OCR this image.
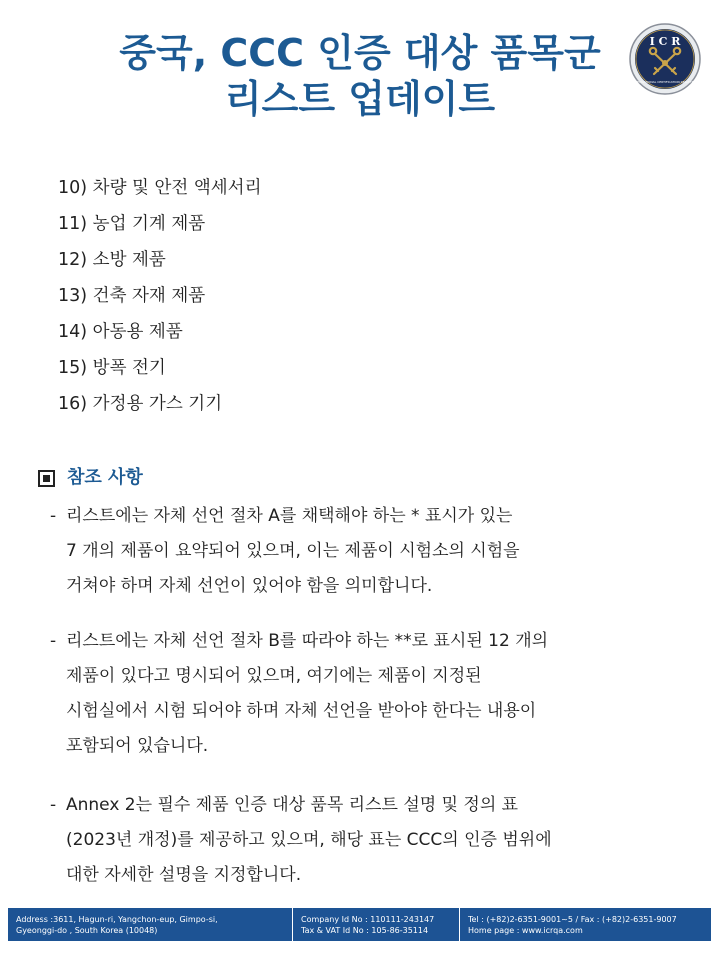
중국, CCC 인증 대상 품목군
리스트 업데이트
I C R
INTERNATIONAL CERTIFICATION REGISTRAR
10) 차량 및 안전 액세서리
11) 농업 기계 제품
12) 소방 제품
13) 건축 자재 제품
14) 아동용 제품
15) 방폭 전기
16) 가정용 가스 기기
참조 사항
- 리스트에는 자체 선언 절차 A를 채택해야 하는 * 표시가 있는
7 개의 제품이 요약되어 있으며, 이는 제품이 시험소의 시험을
거쳐야 하며 자체 선언이 있어야 함을 의미합니다.
- 리스트에는 자체 선언 절차 B를 따라야 하는 **로 표시된 12 개의
제품이 있다고 명시되어 있으며, 여기에는 제품이 지정된
시험실에서 시험 되어야 하며 자체 선언을 받아야 한다는 내용이
포함되어 있습니다.
- Annex 2는 필수 제품 인증 대상 품목 리스트 설명 및 정의 표
(2023년 개정)를 제공하고 있으며, 해당 표는 CCC의 인증 범위에
대한 자세한 설명을 지정합니다.
Address :3611, Hagun-ri, Yangchon-eup, Gimpo-si,
Gyeonggi-do , South Korea (10048)
Company Id No : 110111-243147
Tax & VAT Id No : 105-86-35114
Tel : (+82)2-6351-9001~5 / Fax : (+82)2-6351-9007
Home page : www.icrqa.com
